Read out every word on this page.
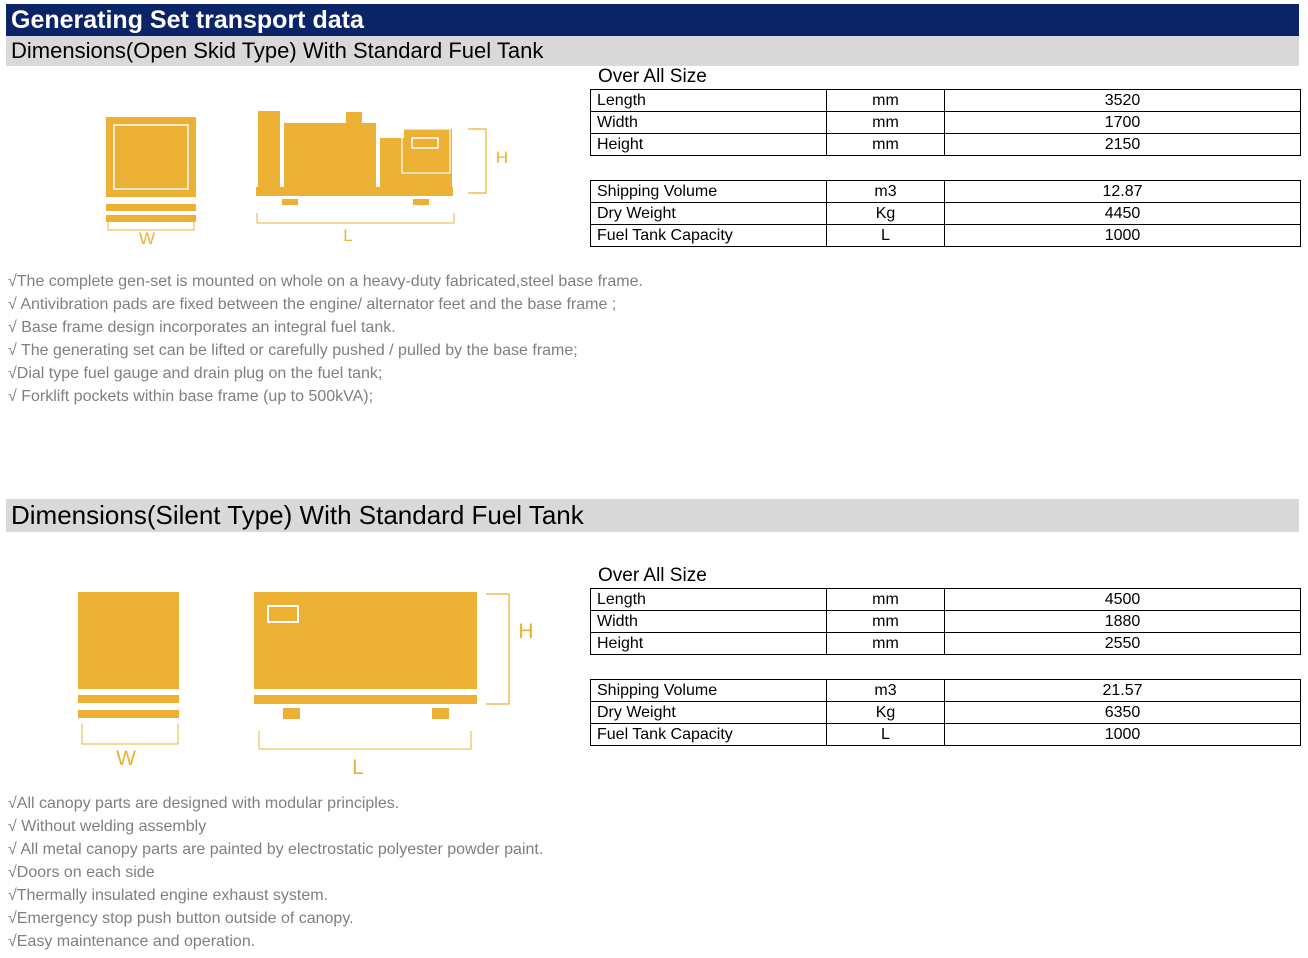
Generating Set transport data
Dimensions(Open Skid Type) With Standard Fuel Tank
W
H
L
Over All Size
Length	mm	3520
Width	mm	1700
Height	mm	2150
Shipping Volume	m3	12.87
Dry Weight	Kg	4450
Fuel Tank Capacity	L	1000
√The complete gen-set is mounted on whole on a heavy-duty fabricated,steel base frame.
√ Antivibration pads are fixed between the engine/ alternator feet and the base frame ;
√ Base frame design incorporates an integral fuel tank.
√ The generating set can be lifted or carefully pushed / pulled by the base frame;
√Dial type fuel gauge and drain plug on the fuel tank;
√ Forklift pockets within base frame (up to 500kVA);
Dimensions(Silent Type) With Standard Fuel Tank
W
H
L
Over All Size
Length	mm	4500
Width	mm	1880
Height	mm	2550
Shipping Volume	m3	21.57
Dry Weight	Kg	6350
Fuel Tank Capacity	L	1000
√All canopy parts are designed with modular principles.
√ Without welding assembly
√ All metal canopy parts are painted by electrostatic polyester powder paint.
√Doors on each side
√Thermally insulated engine exhaust system.
√Emergency stop push button outside of canopy.
√Easy maintenance and operation.
